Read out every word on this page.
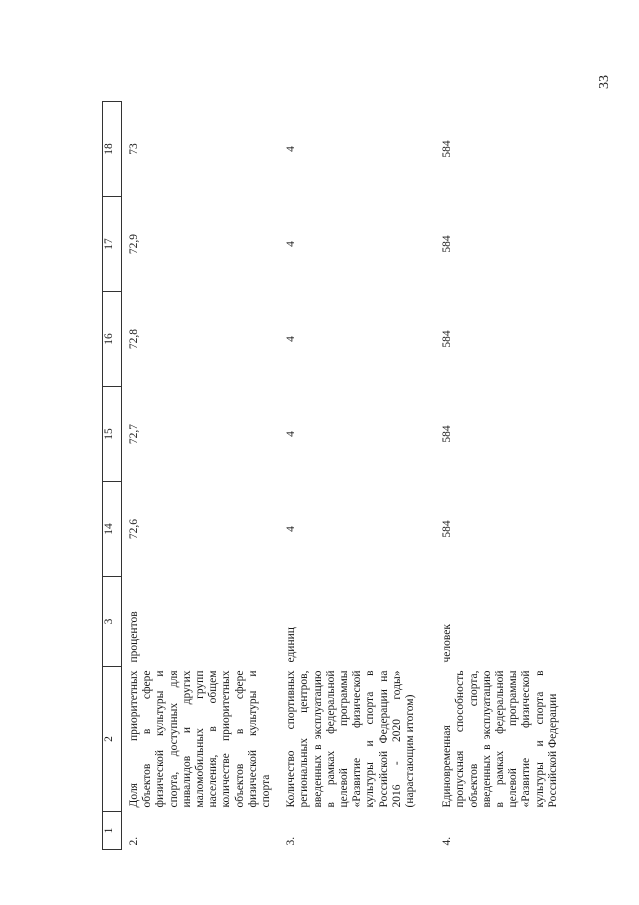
33
1	2	3	14	15	16	17	18
2.	Доля приоритетных объектов в сфере физической культуры и спорта, доступных для инвалидов и других маломобильных групп населения, в общем количестве приоритетных объектов в сфере физической культуры и спорта	процентов	72,6	72,7	72,8	72,9	73
3.	Количество спортивных региональных центров, введенных в эксплуатацию в рамках федеральной целевой программы «Развитие физической культуры и спорта в Российской Федерации на 2016 - 2020 годы» (нарастающим итогом)	единиц	4	4	4	4	4
4.	Единовременная пропускная способность объектов спорта, введенных в эксплуатацию в рамках федеральной целевой программы «Развитие физической культуры и спорта в Российской Федерации	человек	584	584	584	584	584
